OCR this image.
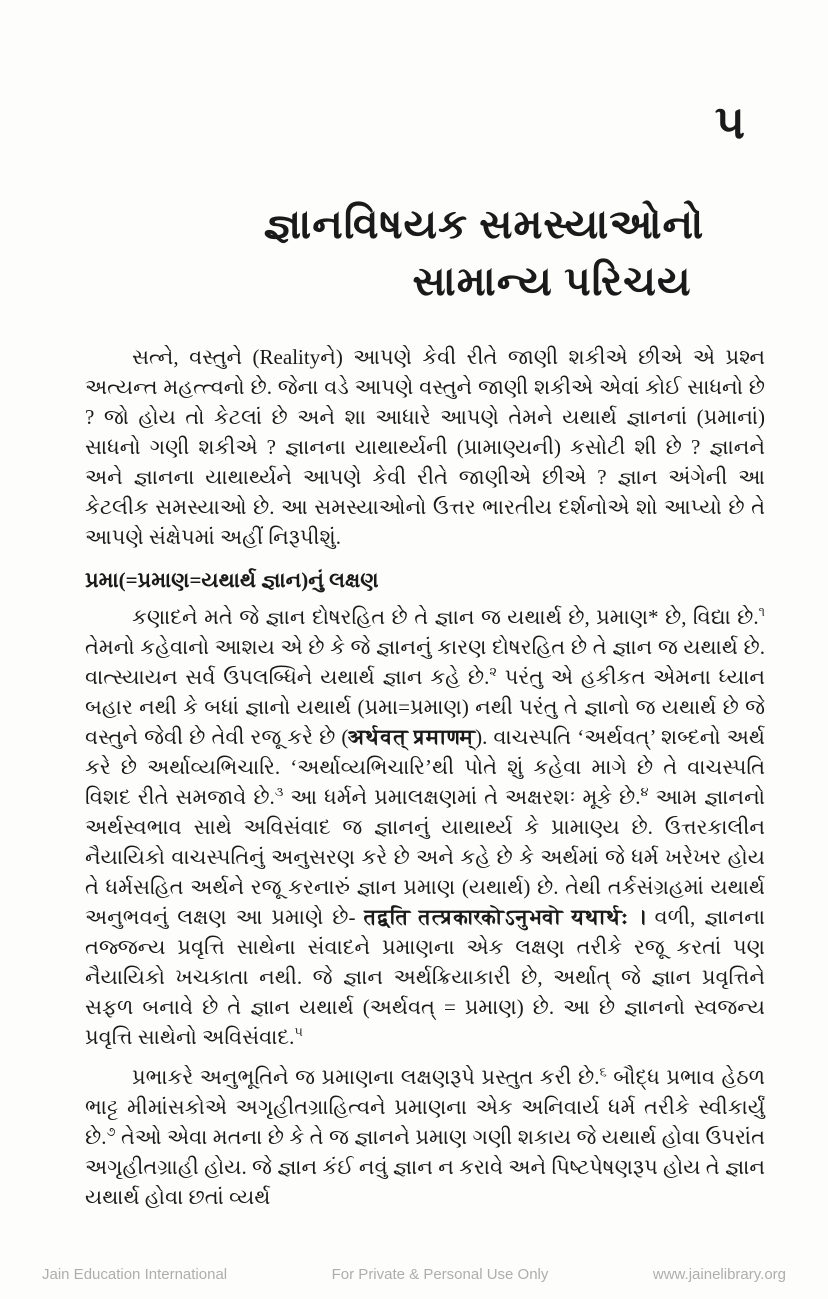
૫
જ્ઞાનવિષયક સમસ્યાઓનો
સામાન્ય પરિચય

સત્ને, વસ્તુને (Realityને) આપણે કેવી રીતે જાણી શકીએ છીએ એ પ્રશ્ન અત્યન્ત મહત્ત્વનો છે. જેના વડે આપણે વસ્તુને જાણી શકીએ એવાં કોઈ સાધનો છે ? જો હોય તો કેટલાં છે અને શા આધારે આપણે તેમને યથાર્થ જ્ઞાનનાં (પ્રમાનાં) સાધનો ગણી શકીએ ? જ્ઞાનના યાથાર્થ્યની (પ્રામાણ્યની) કસોટી શી છે ? જ્ઞાનને અને જ્ઞાનના યાથાર્થ્યને આપણે કેવી રીતે જાણીએ છીએ ? જ્ઞાન અંગેની આ કેટલીક સમસ્યાઓ છે. આ સમસ્યાઓનો ઉત્તર ભારતીય દર્શનોએ શો આપ્યો છે તે આપણે સંક્ષેપમાં અહીં નિરૂપીશું.

પ્રમા(=પ્રમાણ=યથાર્થ જ્ઞાન)નું લક્ષણ

કણાદને મતે જે જ્ઞાન દોષરહિત છે તે જ્ઞાન જ યથાર્થ છે, પ્રમાણ* છે, વિદ્યા છે.$^૧$ તેમનો કહેવાનો આશય એ છે કે જે જ્ઞાનનું કારણ દોષરહિત છે તે જ્ઞાન જ યથાર્થ છે. વાત્સ્યાયન સર્વ ઉપલબ્ધિને યથાર્થ જ્ઞાન કહે છે.$^૨$ પરંતુ એ હકીકત એમના ધ્યાન બહાર નથી કે બધાં જ્ઞાનો યથાર્થ (પ્રમા=પ્રમાણ) નથી પરંતુ તે જ્ઞાનો જ યથાર્થ છે જે વસ્તુને જેવી છે તેવી રજૂ કરે છે (अर्थवत् प्रमाणम्). વાચસ્પતિ ‘અર્થવત્’ શબ્દનો અર્થ કરે છે અર્થાવ્યભિચારિ. ‘અર્થાવ્યભિચારિ’થી પોતે શું કહેવા માગે છે તે વાચસ્પતિ વિશદ રીતે સમજાવે છે.$^૩$ આ ધર્મને પ્રમાલક્ષણમાં તે અક્ષરશઃ મૂકે છે.$^૪$ આમ જ્ઞાનનો અર્થસ્વભાવ સાથે અવિસંવાદ જ જ્ઞાનનું યાથાર્થ્ય કે પ્રામાણ્ય છે. ઉત્તરકાલીન નૈયાયિકો વાચસ્પતિનું અનુસરણ કરે છે અને કહે છે કે અર્થમાં જે ધર્મ ખરેખર હોય તે ધર્મસહિત અર્થને રજૂ કરનારું જ્ઞાન પ્રમાણ (યથાર્થ) છે. તેથી તર્કસંગ્રહમાં યથાર્થ અનુભવનું લક્ષણ આ પ્રમાણે છે- तद्वति तत्प्रकारकोऽनुभवो यथार्थः । વળી, જ્ઞાનના તજ્જન્ય પ્રવૃત્તિ સાથેના સંવાદને પ્રમાણના એક લક્ષણ તરીકે રજૂ કરતાં પણ નૈયાયિકો ખચકાતા નથી. જે જ્ઞાન અર્થક્રિયાકારી છે, અર્થાત્ જે જ્ઞાન પ્રવૃત્તિને સફળ બનાવે છે તે જ્ઞાન યથાર્થ (અર્થવત્ = પ્રમાણ) છે. આ છે જ્ઞાનનો સ્વજન્ય પ્રવૃત્તિ સાથેનો અવિસંવાદ.$^૫$

પ્રભાકરે અનુભૂતિને જ પ્રમાણના લક્ષણરૂપે પ્રસ્તુત કરી છે.$^૬$ બૌદ્ધ પ્રભાવ હેઠળ ભાટ્ટ મીમાંસકોએ અગૃહીતગ્રાહિત્વને પ્રમાણના એક અનિવાર્ય ધર્મ તરીકે સ્વીકાર્યું છે.$^૭$ તેઓ એવા મતના છે કે તે જ જ્ઞાનને પ્રમાણ ગણી શકાય જે યથાર્થ હોવા ઉપરાંત અગૃહીતગ્રાહી હોય. જે જ્ઞાન કંઈ નવું જ્ઞાન ન કરાવે અને પિષ્ટપેષણરૂપ હોય તે જ્ઞાન યથાર્થ હોવા છતાં વ્યર્થ

Jain Education International	For Private & Personal Use Only	www.jainelibrary.org
